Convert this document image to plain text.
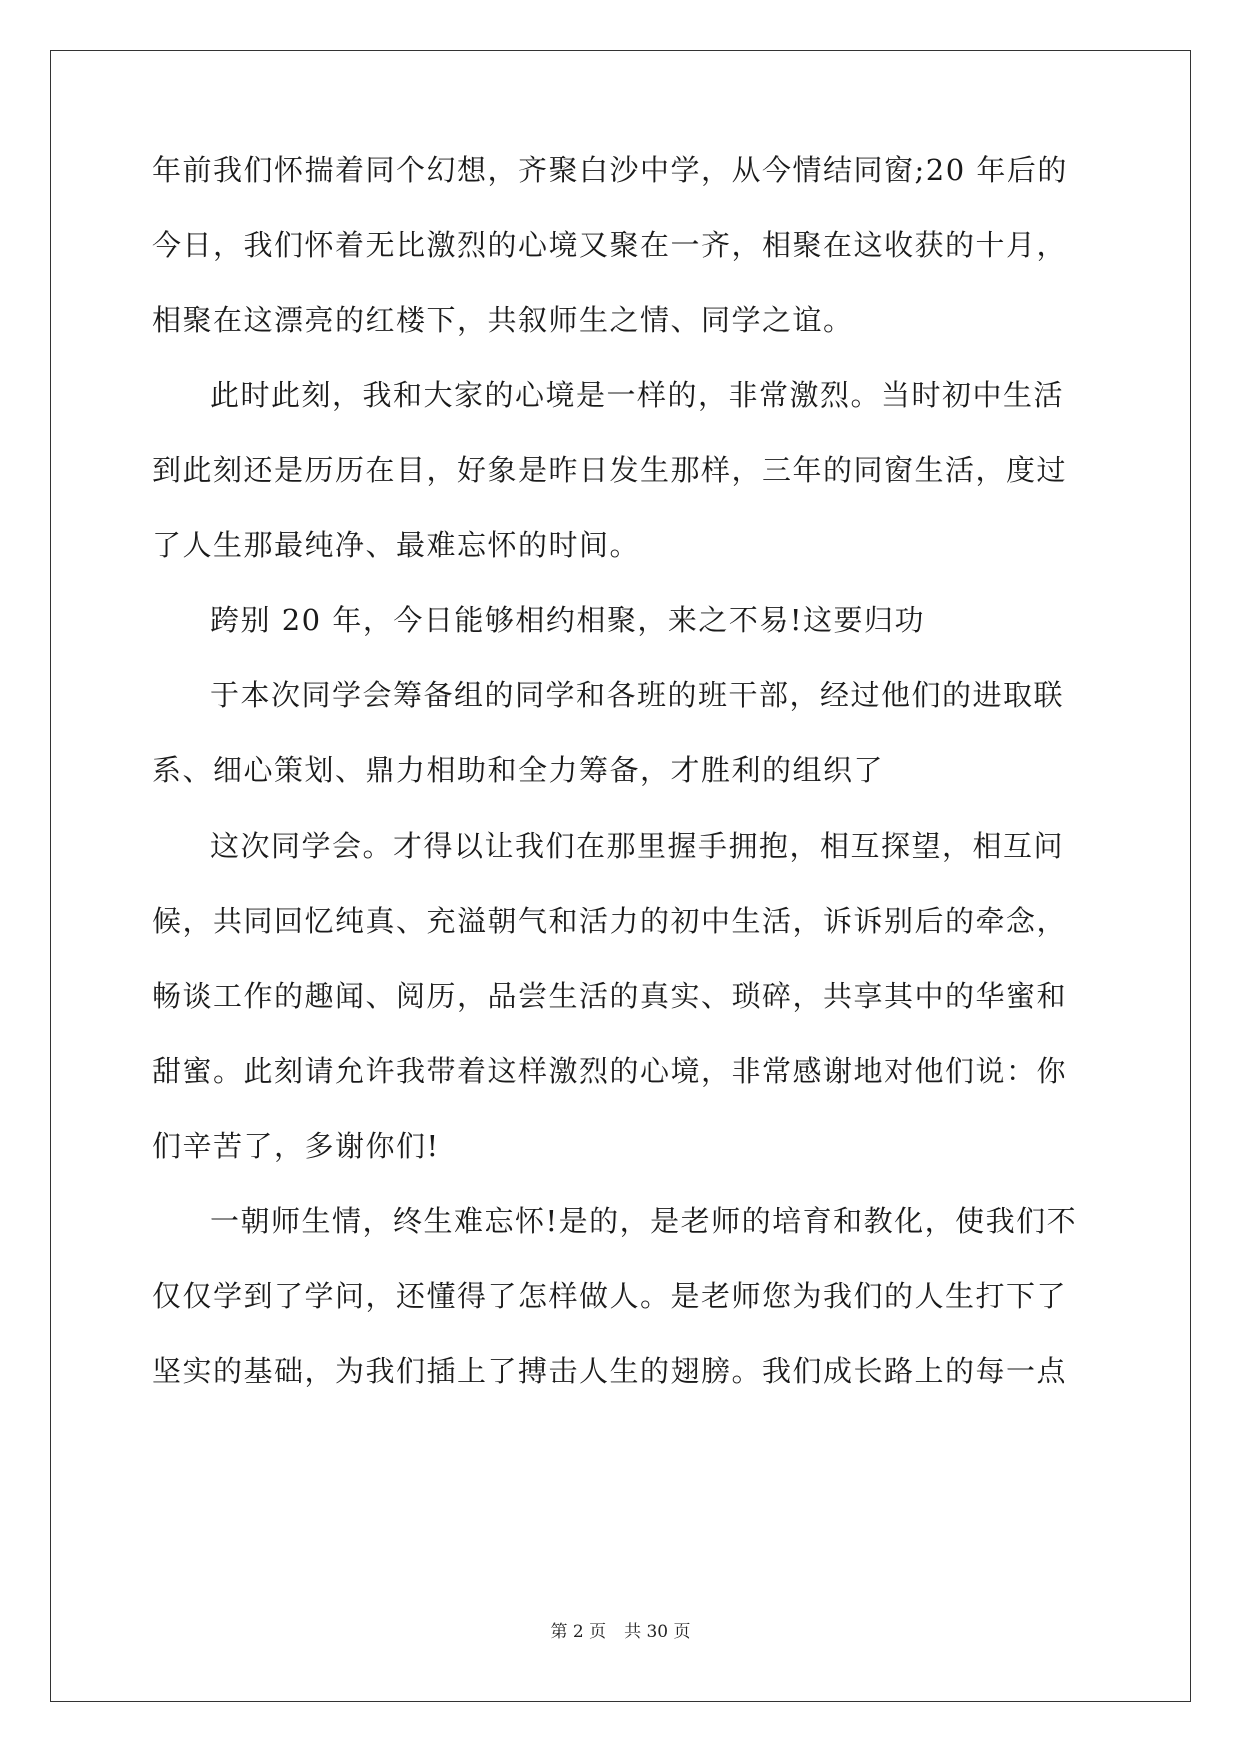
年前我们怀揣着同个幻想，齐聚白沙中学，从今情结同窗;20 年后的
今日，我们怀着无比激烈的心境又聚在一齐，相聚在这收获的十月，
相聚在这漂亮的红楼下，共叙师生之情、同学之谊。
此时此刻，我和大家的心境是一样的，非常激烈。当时初中生活
到此刻还是历历在目，好象是昨日发生那样，三年的同窗生活，度过
了人生那最纯净、最难忘怀的时间。
跨别 20 年，今日能够相约相聚，来之不易!这要归功
于本次同学会筹备组的同学和各班的班干部，经过他们的进取联
系、细心策划、鼎力相助和全力筹备，才胜利的组织了
这次同学会。才得以让我们在那里握手拥抱，相互探望，相互问
候，共同回忆纯真、充溢朝气和活力的初中生活，诉诉别后的牵念，
畅谈工作的趣闻、阅历，品尝生活的真实、琐碎，共享其中的华蜜和
甜蜜。此刻请允许我带着这样激烈的心境，非常感谢地对他们说：你
们辛苦了，多谢你们!
一朝师生情，终生难忘怀!是的，是老师的培育和教化，使我们不
仅仅学到了学问，还懂得了怎样做人。是老师您为我们的人生打下了
坚实的基础，为我们插上了搏击人生的翅膀。我们成长路上的每一点
第 2 页 共 30 页
